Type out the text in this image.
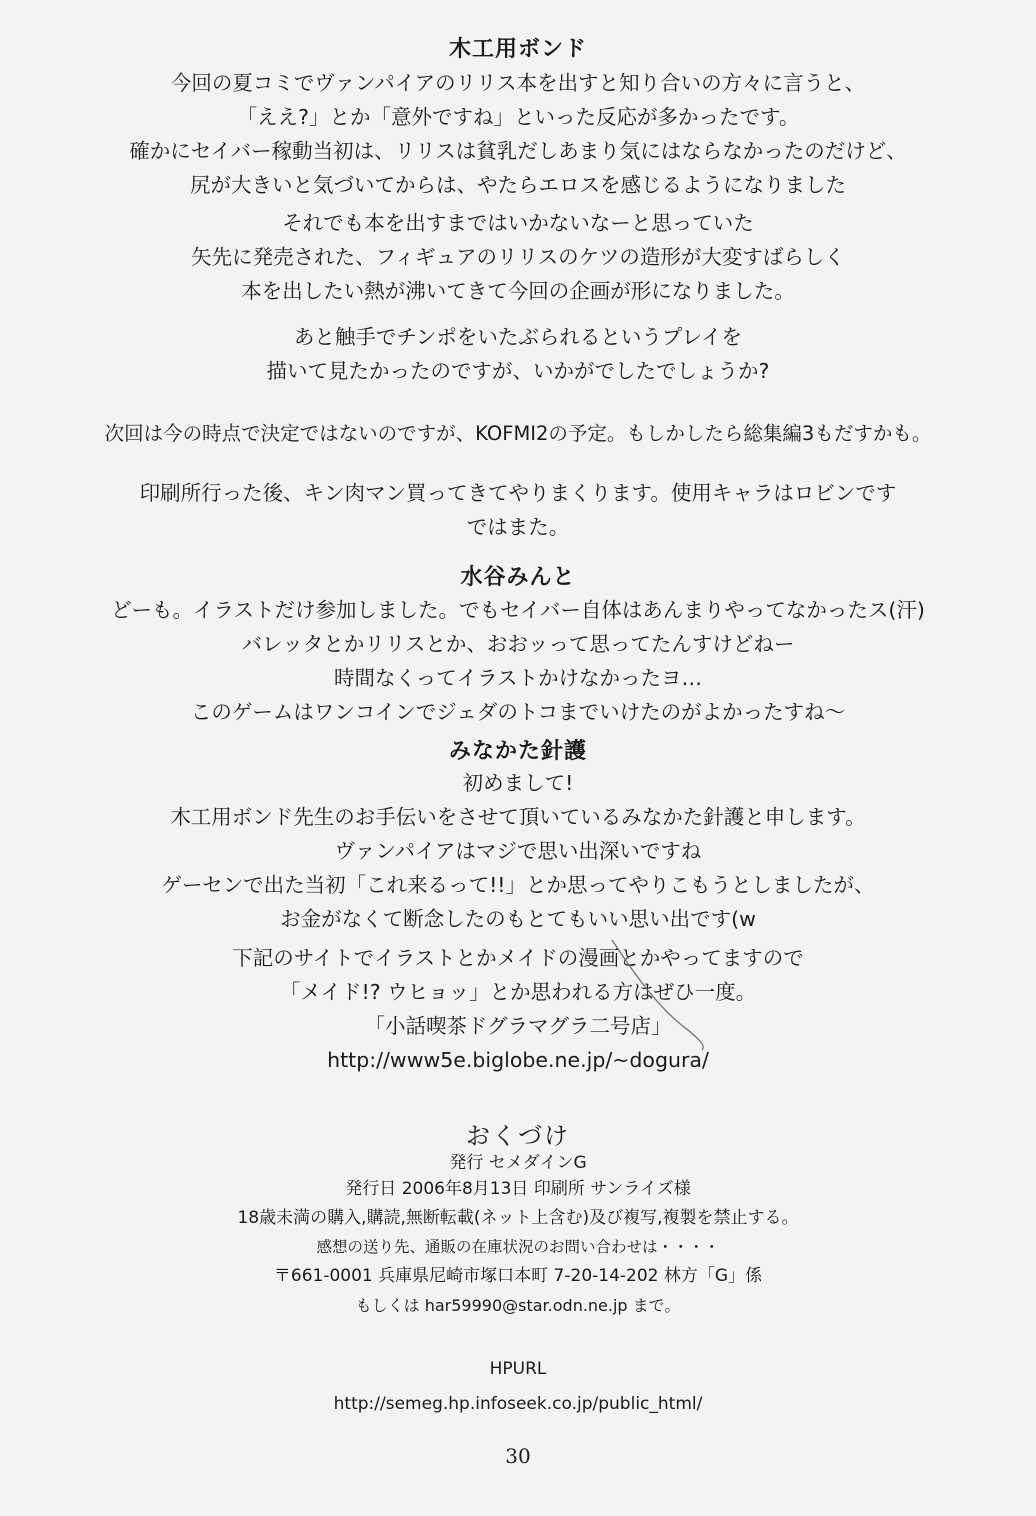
木工用ボンド
今回の夏コミでヴァンパイアのリリス本を出すと知り合いの方々に言うと、
「ええ?」とか「意外ですね」といった反応が多かったです。
確かにセイバー稼動当初は、リリスは貧乳だしあまり気にはならなかったのだけど、
尻が大きいと気づいてからは、やたらエロスを感じるようになりました
それでも本を出すまではいかないなーと思っていた
矢先に発売された、フィギュアのリリスのケツの造形が大変すばらしく
本を出したい熱が沸いてきて今回の企画が形になりました。
あと触手でチンポをいたぶられるというプレイを
描いて見たかったのですが、いかがでしたでしょうか?
次回は今の時点で決定ではないのですが、KOFMI2の予定。もしかしたら総集編3もだすかも。
印刷所行った後、キン肉マン買ってきてやりまくります。使用キャラはロビンです
ではまた。
水谷みんと
どーも。イラストだけ参加しました。でもセイバー自体はあんまりやってなかったス(汗)
バレッタとかリリスとか、おおッって思ってたんすけどねー
時間なくってイラストかけなかったヨ…
このゲームはワンコインでジェダのトコまでいけたのがよかったすね〜
みなかた針護
初めまして!
木工用ボンド先生のお手伝いをさせて頂いているみなかた針護と申します。
ヴァンパイアはマジで思い出深いですね
ゲーセンで出た当初「これ来るって!!」とか思ってやりこもうとしましたが、
お金がなくて断念したのもとてもいい思い出です(w
下記のサイトでイラストとかメイドの漫画とかやってますので
「メイド!? ウヒョッ」とか思われる方はぜひ一度。
「小話喫茶ドグラマグラ二号店」
http://www5e.biglobe.ne.jp/~dogura/
おくづけ
発行 セメダインG
発行日 2006年8月13日 印刷所 サンライズ様
18歳未満の購入,購読,無断転載(ネット上含む)及び複写,複製を禁止する。
感想の送り先、通販の在庫状況のお問い合わせは・・・・
〒661-0001 兵庫県尼崎市塚口本町 7-20-14-202 林方「G」係
もしくは har59990@star.odn.ne.jp まで。
HPURL
http://semeg.hp.infoseek.co.jp/public_html/
30
